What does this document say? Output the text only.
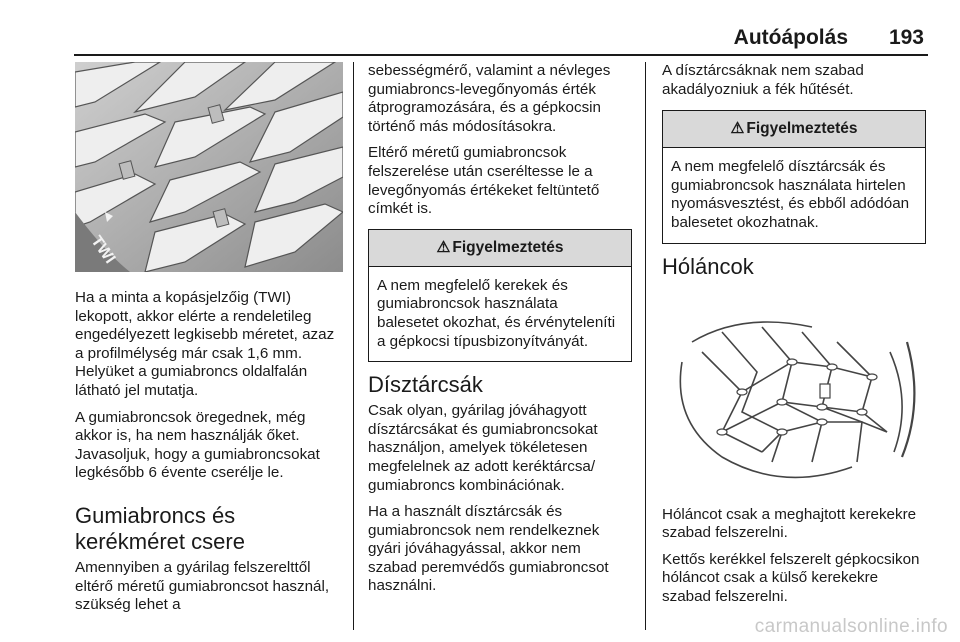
Autóápolás 193
TWI

Ha a minta a kopásjelzőig (TWI) lekopott, akkor elérte a rendeletileg engedélyezett legkisebb méretet, azaz a profilmélység már csak 1,6 mm. Helyüket a gumiabroncs oldalfalán látható jel mutatja.

A gumiabroncsok öregednek, még akkor is, ha nem használják őket. Javasoljuk, hogy a gumiabroncsokat legkésőbb 6 évente cserélje le.

Gumiabroncs és kerékméret csere

Amennyiben a gyárilag felszerelttől eltérő méretű gumiabroncsot használ, szükség lehet a

sebességmérő, valamint a névleges gumiabroncs-levegőnyomás érték átprogramozására, és a gépkocsin történő más módosításokra.

Eltérő méretű gumiabroncsok felszerelése után cseréltesse le a levegőnyomás értékeket feltüntető címkét is.

⚠ Figyelmeztetés
A nem megfelelő kerekek és gumiabroncsok használata balesetet okozhat, és érvényteleníti a gépkocsi típusbizonyítványát.
Dísztárcsák

Csak olyan, gyárilag jóváhagyott dísztárcsákat és gumiabroncsokat használjon, amelyek tökéletesen megfelelnek az adott keréktárcsa/ gumiabroncs kombinációnak.

Ha a használt dísztárcsák és gumiabroncsok nem rendelkeznek gyári jóváhagyással, akkor nem szabad peremvédős gumiabroncsot használni.

A dísztárcsáknak nem szabad akadályozniuk a fék hűtését.

⚠ Figyelmeztetés
A nem megfelelő dísztárcsák és gumiabroncsok használata hirtelen nyomásvesztést, és ebből adódóan balesetet okozhatnak.
Hóláncok

Hóláncot csak a meghajtott kerekekre szabad felszerelni.

Kettős kerékkel felszerelt gépkocsikon hóláncot csak a külső kerekekre szabad felszerelni.

carmanualsonline.info
